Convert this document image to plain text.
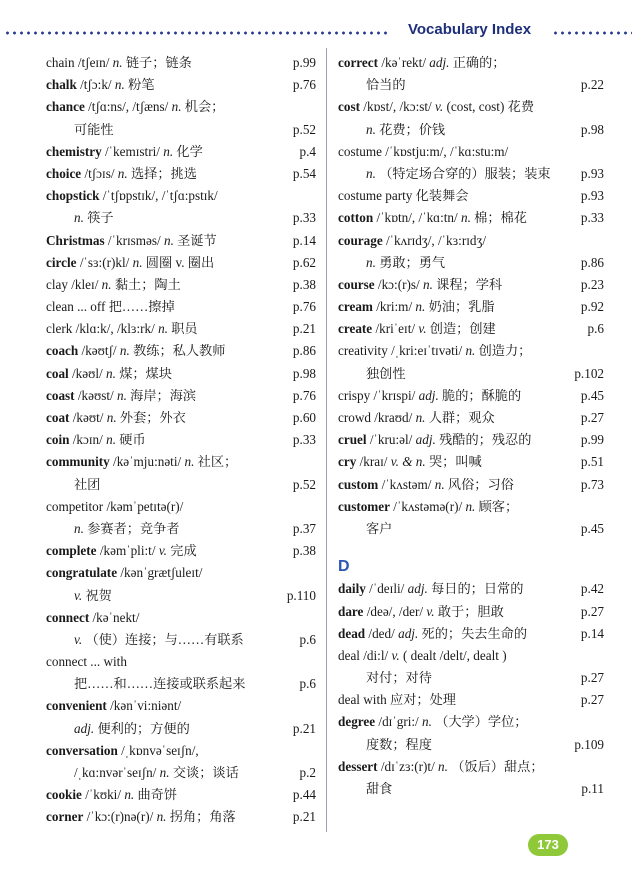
Vocabulary Index
chain /tʃeɪn/ n. 链子；链条	p.99
chalk /tʃɔ:k/ n. 粉笔	p.76
chance /tʃɑ:ns/, /tʃæns/ n. 机会；
可能性	p.52
chemistry /ˈkemɪstri/ n. 化学	p.4
choice /tʃɔɪs/ n. 选择；挑选	p.54
chopstick /ˈtʃɒpstɪk/, /ˈtʃɑ:pstɪk/
n. 筷子	p.33
Christmas /ˈkrɪsməs/ n. 圣诞节	p.14
circle /ˈsɜ:(r)kl/ n. 圆圈 v. 圈出	p.62
clay /kleɪ/ n. 黏土；陶土	p.38
clean ... off 把……擦掉	p.76
clerk /klɑ:k/, /klɜ:rk/ n. 职员	p.21
coach /kəʊtʃ/ n. 教练；私人教师	p.86
coal /kəʊl/ n. 煤；煤块	p.98
coast /kəʊst/ n. 海岸；海滨	p.76
coat /kəʊt/ n. 外套；外衣	p.60
coin /kɔɪn/ n. 硬币	p.33
community /kəˈmju:nəti/ n. 社区；
社团	p.52
competitor /kəmˈpetɪtə(r)/
n. 参赛者；竞争者	p.37
complete /kəmˈpli:t/ v. 完成	p.38
congratulate /kənˈgrætʃuleɪt/
v. 祝贺	p.110
connect /kəˈnekt/
v. （使）连接；与……有联系	p.6
connect ... with
把……和……连接或联系起来	p.6
convenient /kənˈvi:niənt/
adj. 便利的；方便的	p.21
conversation /ˌkɒnvəˈseɪʃn/,
/ˌkɑ:nvərˈseɪʃn/ n. 交谈；谈话	p.2
cookie /ˈkʊki/ n. 曲奇饼	p.44
corner /ˈkɔ:(r)nə(r)/ n. 拐角；角落	p.21
correct /kəˈrekt/ adj. 正确的；
恰当的	p.22
cost /kɒst/, /kɔ:st/ v. (cost, cost) 花费
n. 花费；价钱	p.98
costume /ˈkɒstju:m/, /ˈkɑ:stu:m/
n. （特定场合穿的）服装；装束 p.93
costume party 化装舞会	p.93
cotton /ˈkɒtn/, /ˈkɑ:tn/ n. 棉；棉花	p.33
courage /ˈkʌrɪdʒ/, /ˈkɜ:rɪdʒ/
n. 勇敢；勇气	p.86
course /kɔ:(r)s/ n. 课程；学科	p.23
cream /kri:m/ n. 奶油；乳脂	p.92
create /kriˈeɪt/ v. 创造；创建	p.6
creativity /ˌkri:eɪˈtɪvəti/ n. 创造力；
独创性	p.102
crispy /ˈkrɪspi/ adj. 脆的；酥脆的	p.45
crowd /kraʊd/ n. 人群；观众	p.27
cruel /ˈkru:əl/ adj. 残酷的；残忍的	p.99
cry /kraɪ/ v. & n. 哭；叫喊	p.51
custom /ˈkʌstəm/ n. 风俗；习俗	p.73
customer /ˈkʌstəmə(r)/ n. 顾客；
客户	p.45
D
daily /ˈdeɪli/ adj. 每日的；日常的	p.42
dare /deə/, /der/ v. 敢于；胆敢	p.27
dead /ded/ adj. 死的；失去生命的	p.14
deal /di:l/ v. ( dealt /delt/, dealt )
对付；对待	p.27
deal with 应对；处理	p.27
degree /dɪˈgri:/ n. （大学）学位；
度数；程度	p.109
dessert /dɪˈzɜ:(r)t/ n. （饭后）甜点；
甜食	p.11
173
